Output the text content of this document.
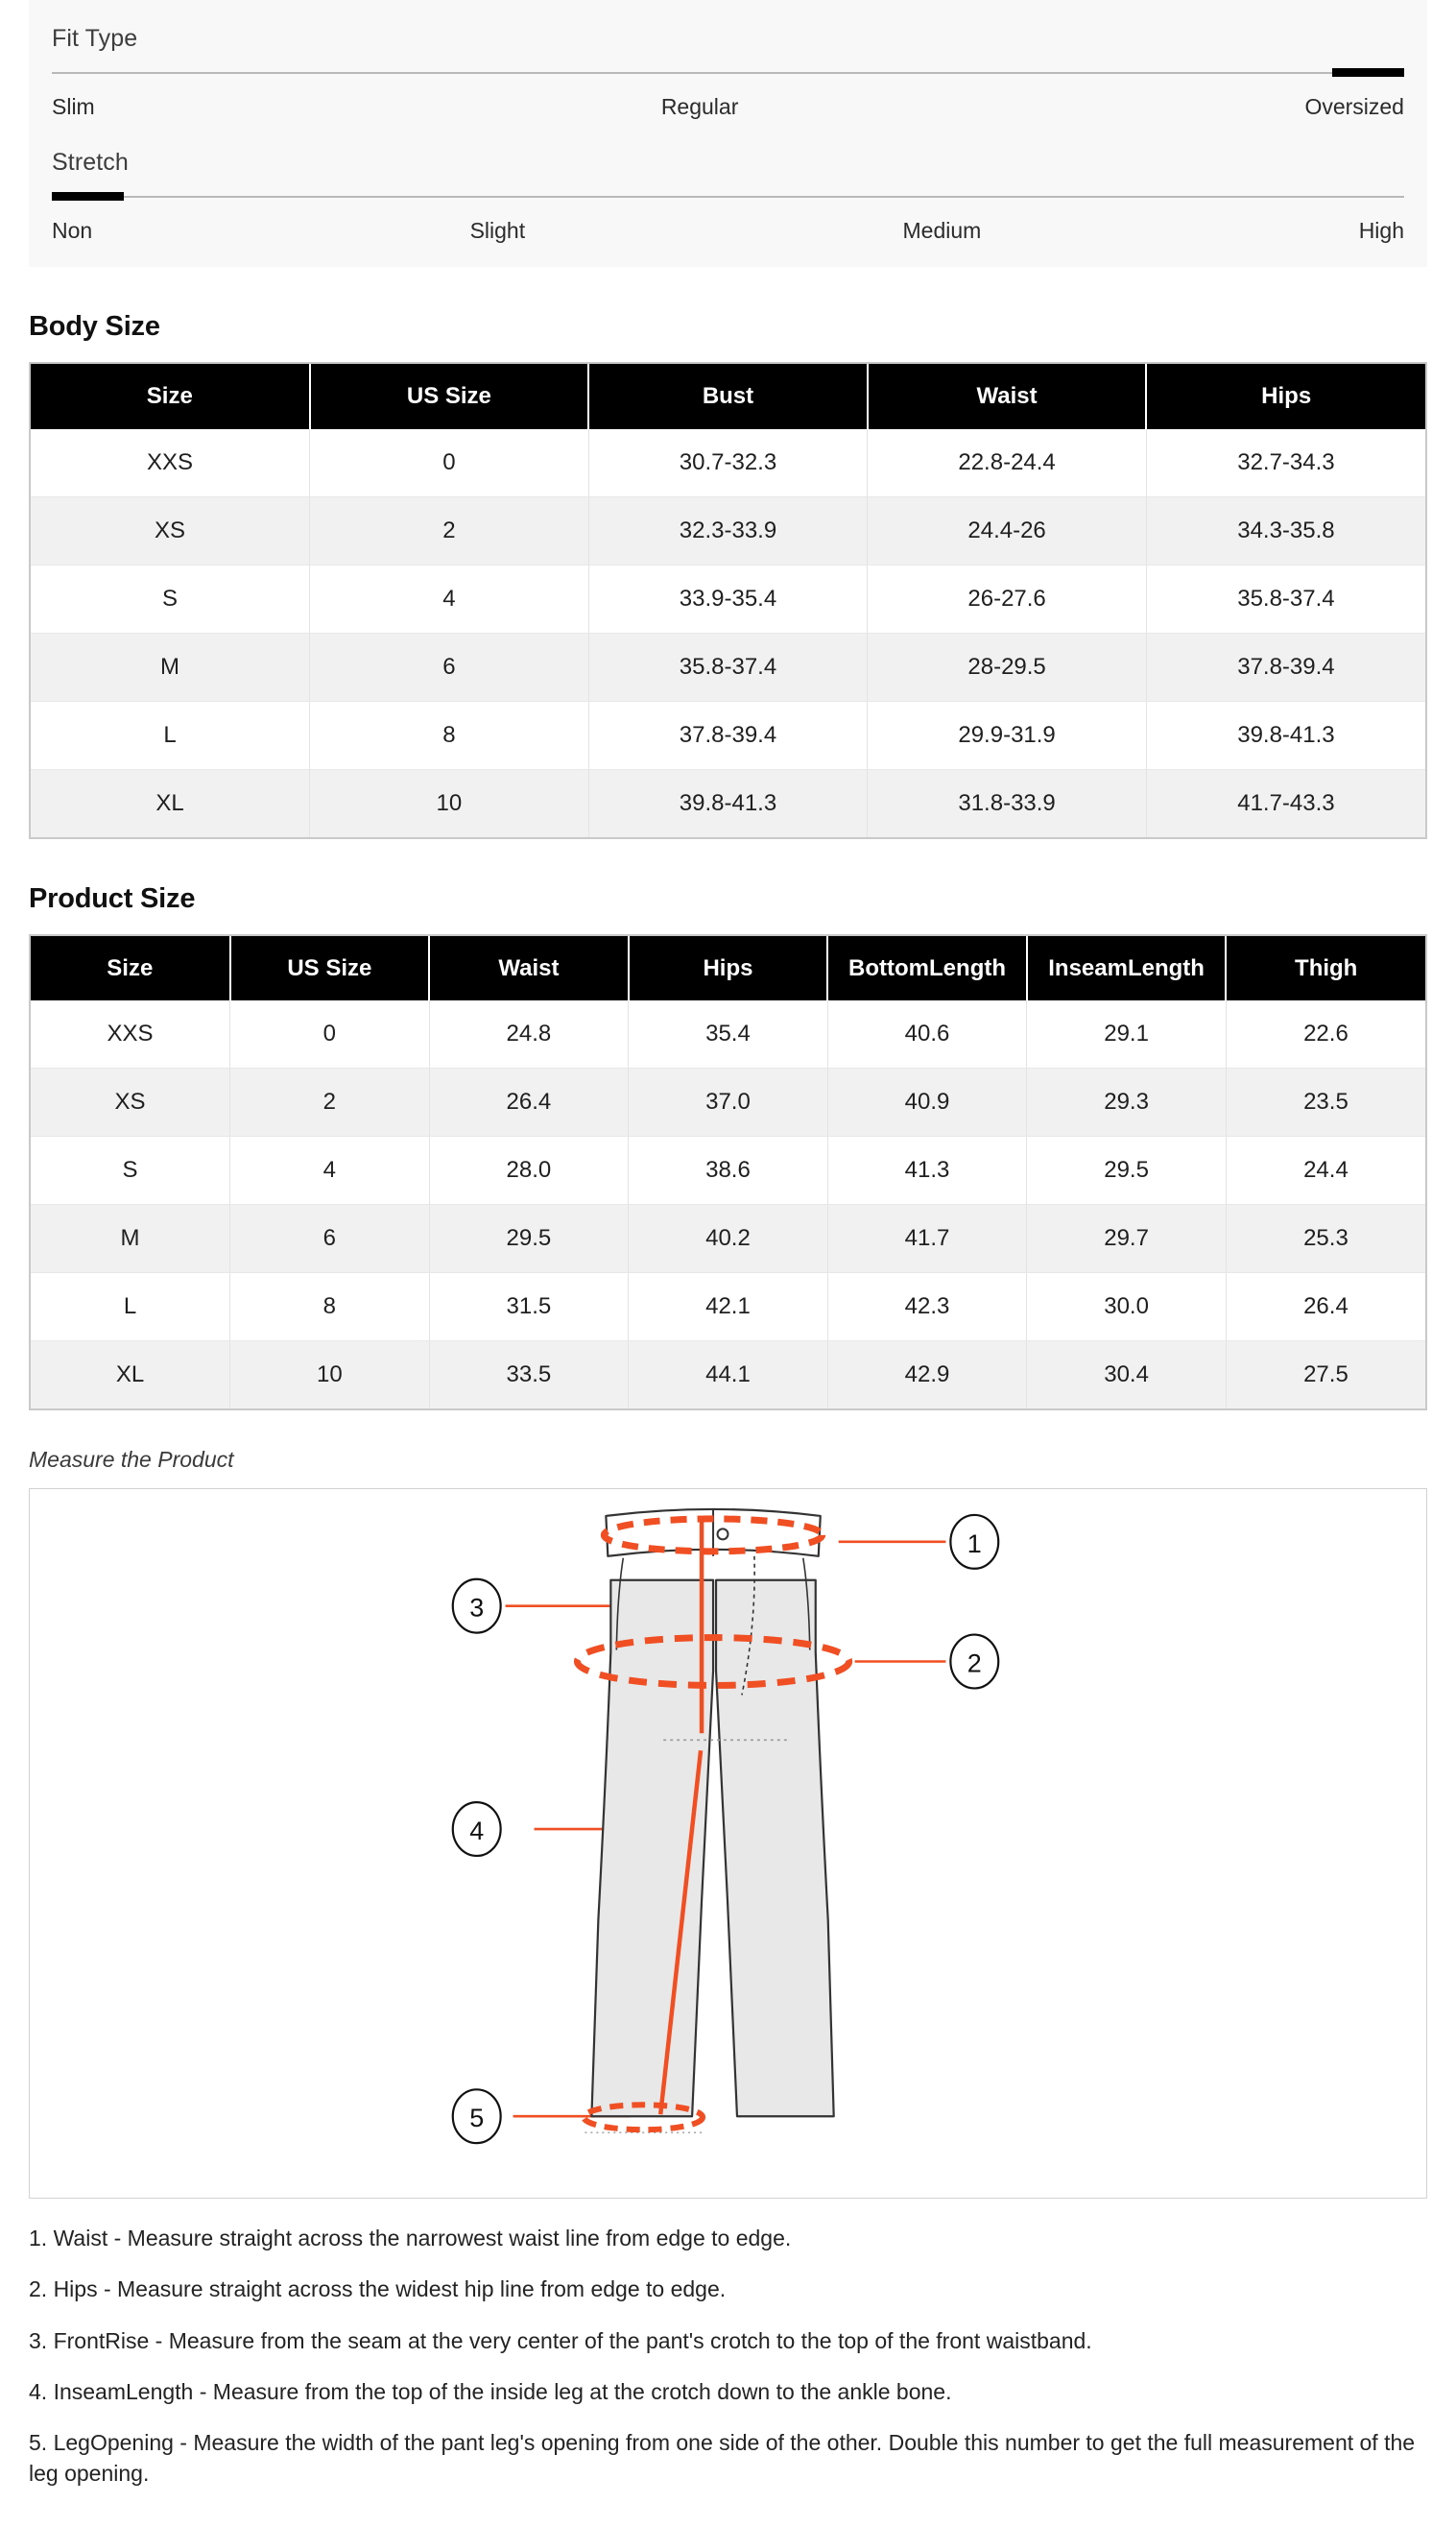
Fit Type
Slim	Regular	Oversized
Stretch
Non	Slight	Medium	High
Body Size
Size	US Size	Bust	Waist	Hips
XXS	0	30.7-32.3	22.8-24.4	32.7-34.3
XS	2	32.3-33.9	24.4-26	34.3-35.8
S	4	33.9-35.4	26-27.6	35.8-37.4
M	6	35.8-37.4	28-29.5	37.8-39.4
L	8	37.8-39.4	29.9-31.9	39.8-41.3
XL	10	39.8-41.3	31.8-33.9	41.7-43.3
Product Size
Size	US Size	Waist	Hips	BottomLength	InseamLength	Thigh
XXS	0	24.8	35.4	40.6	29.1	22.6
XS	2	26.4	37.0	40.9	29.3	23.5
S	4	28.0	38.6	41.3	29.5	24.4
M	6	29.5	40.2	41.7	29.7	25.3
L	8	31.5	42.1	42.3	30.0	26.4
XL	10	33.5	44.1	42.9	30.4	27.5
Measure the Product
1
2
3
4
5
1. Waist - Measure straight across the narrowest waist line from edge to edge.
2. Hips - Measure straight across the widest hip line from edge to edge.
3. FrontRise - Measure from the seam at the very center of the pant's crotch to the top of the front waistband.
4. InseamLength - Measure from the top of the inside leg at the crotch down to the ankle bone.
5. LegOpening - Measure the width of the pant leg's opening from one side of the other. Double this number to get the full measurement of the leg opening.
